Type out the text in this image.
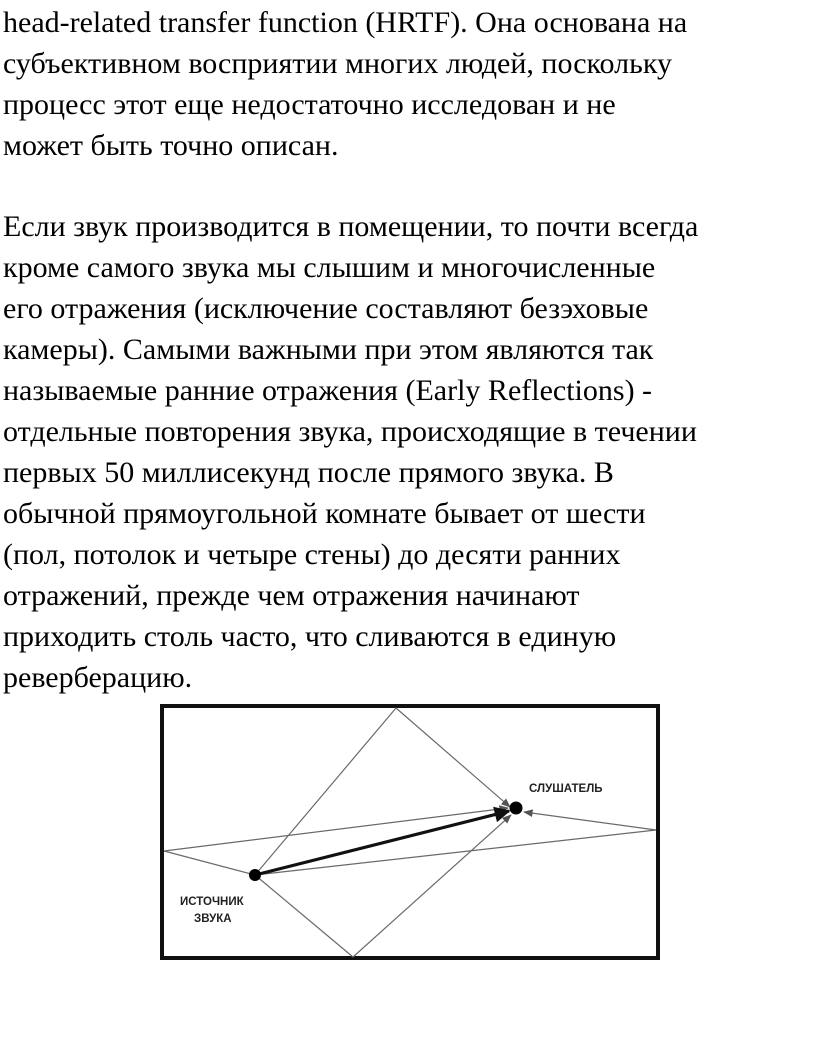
head-related transfer function (HRTF). Она основана на
субъективном восприятии многих людей, поскольку
процесс этот еще недостаточно исследован и не
может быть точно описан.
Если звук производится в помещении, то почти всегда
кроме самого звука мы слышим и многочисленные
его отражения (исключение составляют безэховые
камеры). Самыми важными при этом являются так
называемые ранние отражения (Early Reflections) -
отдельные повторения звука, происходящие в течении
первых 50 миллисекунд после прямого звука. В
обычной прямоугольной комнате бывает от шести
(пол, потолок и четыре стены) до десяти ранних
отражений, прежде чем отражения начинают
приходить столь часто, что сливаются в единую
реверберацию.
СЛУШАТЕЛЬ
ИСТОЧНИК
ЗВУКА
